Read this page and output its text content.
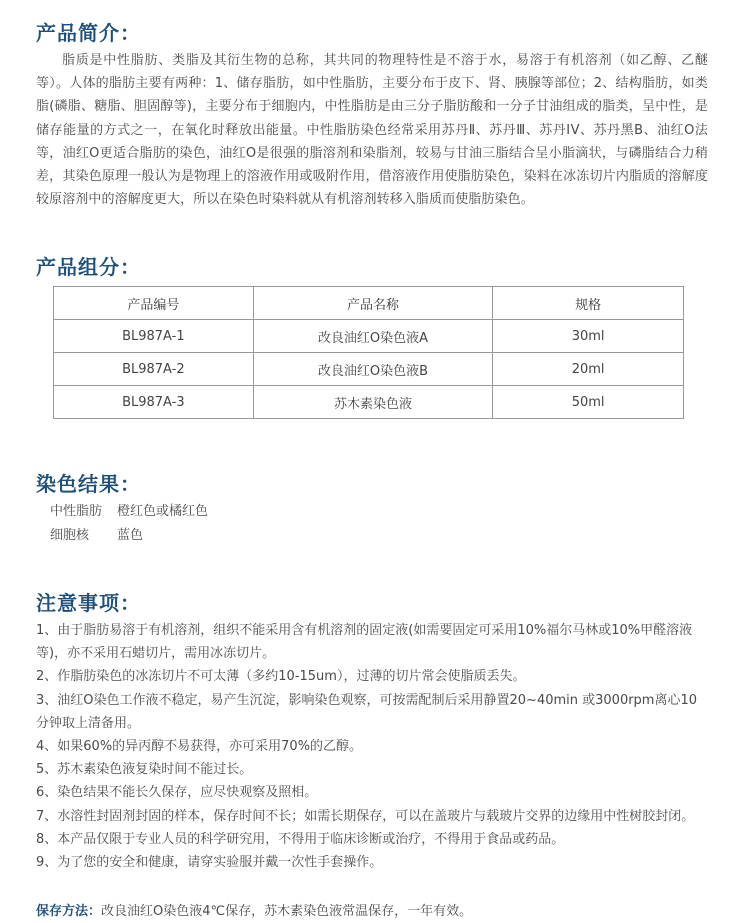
产品简介：

脂质是中性脂肪、类脂及其衍生物的总称，其共同的物理特性是不溶于水，易溶于有机溶剂（如乙醇、乙醚等）。人体的脂肪主要有两种：1、储存脂肪，如中性脂肪，主要分布于皮下、肾、胰腺等部位；2、结构脂肪，如类脂(磷脂、糖脂、胆固醇等)，主要分布于细胞内，中性脂肪是由三分子脂肪酸和一分子甘油组成的脂类，呈中性，是储存能量的方式之一，在氧化时释放出能量。中性脂肪染色经常采用苏丹Ⅱ、苏丹Ⅲ、苏丹ⅠⅤ、苏丹黑B、油红O法等，油红O更适合脂肪的染色，油红O是很强的脂溶剂和染脂剂，较易与甘油三脂结合呈小脂滴状，与磷脂结合力稍差，其染色原理一般认为是物理上的溶液作用或吸附作用，借溶液作用使脂肪染色，染料在冰冻切片内脂质的溶解度较原溶剂中的溶解度更大，所以在染色时染料就从有机溶剂转移入脂质而使脂肪染色。

产品组分：
产品编号	产品名称	规格
BL987A-1	改良油红O染色液A	30ml
BL987A-2	改良油红O染色液B	20ml
BL987A-3	苏木素染色液	50ml
染色结果：
中性脂肪	橙红色或橘红色
细胞核	蓝色
注意事项：
1、由于脂肪易溶于有机溶剂，组织不能采用含有机溶剂的固定液(如需要固定可采用10%福尔马林或10%甲醛溶液等)，亦不采用石蜡切片，需用冰冻切片。
2、作脂肪染色的冰冻切片不可太薄（多约10-15um），过薄的切片常会使脂质丢失。
3、油红O染色工作液不稳定，易产生沉淀，影响染色观察，可按需配制后采用静置20~40min 或3000rpm离心10分钟取上清备用。
4、如果60%的异丙醇不易获得，亦可采用70%的乙醇。
5、苏木素染色液复染时间不能过长。
6、染色结果不能长久保存，应尽快观察及照相。
7、水溶性封固剂封固的样本，保存时间不长；如需长期保存，可以在盖玻片与载玻片交界的边缘用中性树胶封闭。
8、本产品仅限于专业人员的科学研究用，不得用于临床诊断或治疗，不得用于食品或药品。
9、为了您的安全和健康，请穿实验服并戴一次性手套操作。
保存方法：改良油红O染色液4℃保存，苏木素染色液常温保存，一年有效。
